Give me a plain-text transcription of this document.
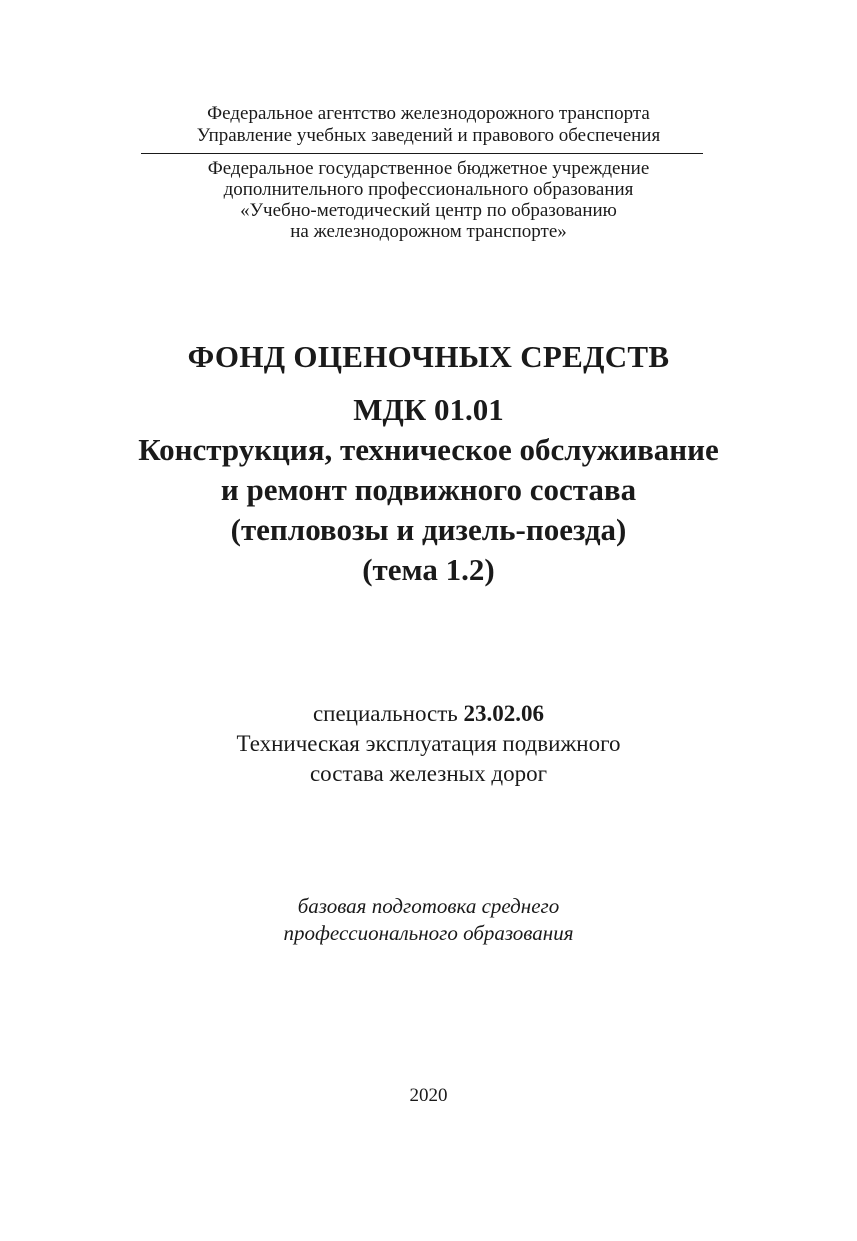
Федеральное агентство железнодорожного транспорта
Управление учебных заведений и правового обеспечения
Федеральное государственное бюджетное учреждение
дополнительного профессионального образования
«Учебно-методический центр по образованию
на железнодорожном транспорте»
ФОНД ОЦЕНОЧНЫХ СРЕДСТВ
МДК 01.01
Конструкция, техническое обслуживание
и ремонт подвижного состава
(тепловозы и дизель-поезда)
(тема 1.2)
специальность 23.02.06
Техническая эксплуатация подвижного
состава железных дорог
базовая подготовка среднего
профессионального образования
2020
